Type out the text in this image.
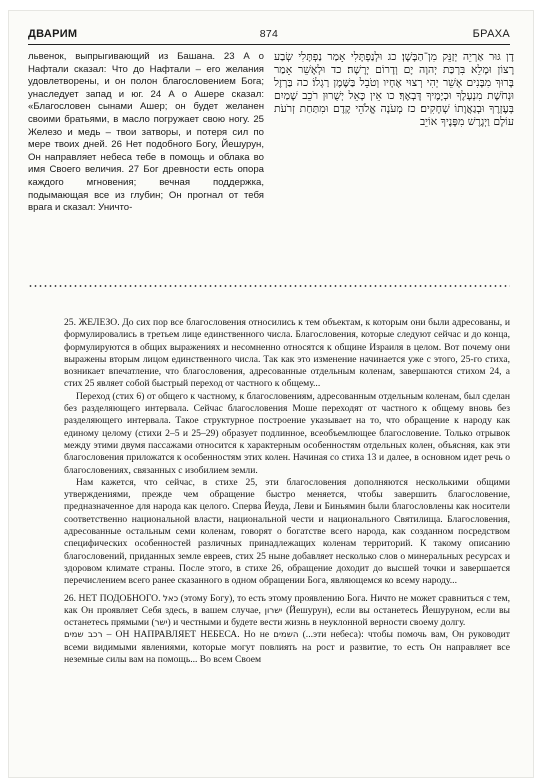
ДВАРИМ	874	БРАХА
львенок, выпрыгивающий из Башана. 23 А о Нафтали сказал: Что до Нафтали – его желания удовлетворены, и он полон благословением Бога; унаследует запад и юг. 24 А о Ашере сказал: «Благословен сынами Ашер; он будет желанен своими братьями, в масло погружает свою ногу. 25 Железо и медь – твои затворы, и потеря сил по мере твоих дней. 26 Нет подобного Богу, Йешурун, Он направляет небеса тебе в помощь и облака во имя Своего величия. 27 Бог древности есть опора каждого мгновения; вечная поддержка, подымающая все из глубин; Он прогнал от тебя врага и сказал: Уничто-
דָן גּוּר אַרְיֵה יְזַנֵּק מִן־הַבָּשָׁן׃ כג וּלְנַפְתָּלִי אָמַר נַפְתָּלִי שְׂבַע רָצוֹן וּמָלֵא בִּרְכַּת יְהוָה יָם וְדָרוֹם יְרָשָׁה׃ כד וּלְאָשֵׁר אָמַר בָּרוּךְ מִבָּנִים אָשֵׁר יְהִי רְצוּי אֶחָיו וְטֹבֵל בַּשֶּׁמֶן רַגְלוֹ׃ כה בַּרְזֶל וּנְחֹשֶׁת מִנְעָלֶךָ וּכְיָמֶיךָ דָּבְאֶךָ׃ כו אֵין כָּאֵל יְשֻׁרוּן רֹכֵב שָׁמַיִם בְּעֶזְרֶךָ וּבְגַאֲוָתוֹ שְׁחָקִים׃ כז מְעֹנָה אֱלֹהֵי קֶדֶם וּמִתַּחַת זְרֹעֹת עוֹלָם וַיְגָרֶשׁ מִפָּנֶיךָ אוֹיֵב

25. ЖЕЛЕЗО. До сих пор все благословения относились к тем объектам, к которым они были адресованы, и формулировались в третьем лице единственного числа. Благословения, которые следуют сейчас и до конца, формулируются в общих выражениях и несомненно относятся к общине Израиля в целом. Вот почему они выражены вторым лицом единственного числа. Так как это изменение начинается уже с этого, 25-го стиха, возникает впечатление, что благословения, адресованные отдельным коленам, завершаются стихом 24, а стих 25 являет собой быстрый переход от частного к общему...

Переход (стих 6) от общего к частному, к благословениям, адресованным отдельным коленам, был сделан без разделяющего интервала. Сейчас благословения Моше переходят от частного к общему вновь без разделяющего интервала. Такое структурное построение указывает на то, что обращение к народу как единому целому (стихи 2–5 и 25–29) образует подлинное, всеобъемлющее благословение. Только отрывок между этими двумя пассажами относится к характерным особенностям отдельных колен, объясняя, как эти благословения приложатся к особенностям этих колен. Начиная со стиха 13 и далее, в основном идет речь о благословениях, связанных с изобилием земли.

Нам кажется, что сейчас, в стихе 25, эти благословения дополняются несколькими общими утверждениями, прежде чем обращение быстро меняется, чтобы завершить благословение, предназначенное для народа как целого. Сперва Йеуда, Леви и Биньямин были благословлены как носители соответственно национальной власти, национальной чести и национального Святилища. Благословения, адресованные остальным семи коленам, говорят о богатстве всего народа, как созданном посредством специфических особенностей различных принадлежащих коленам территорий. К такому описанию благословений, приданных земле евреев, стих 25 ныне добавляет несколько слов о минеральных ресурсах и здоровом климате страны. После этого, в стихе 26, обращение доходит до высшей точки и завершается перечислением всего ранее сказанного в одном обращении Бога, являющемся ко всему народу...

26. НЕТ ПОДОБНОГО. כאל (этому Богу), то есть этому проявлению Бога. Ничто не может сравниться с тем, как Он проявляет Себя здесь, в вашем случае, ישרון (Йешурун), если вы останетесь Йешуруном, если вы останетесь прямыми (ישר) и честными и будете вести жизнь в неуклонной верности своему долгу.

רכב שמים – ОН НАПРАВЛЯЕТ НЕБЕСА. Но не השמים (...эти небеса): чтобы помочь вам, Он руководит всеми видимыми явлениями, которые могут повлиять на рост и развитие, то есть Он направляет все неземные силы вам на помощь... Во всем Своем
